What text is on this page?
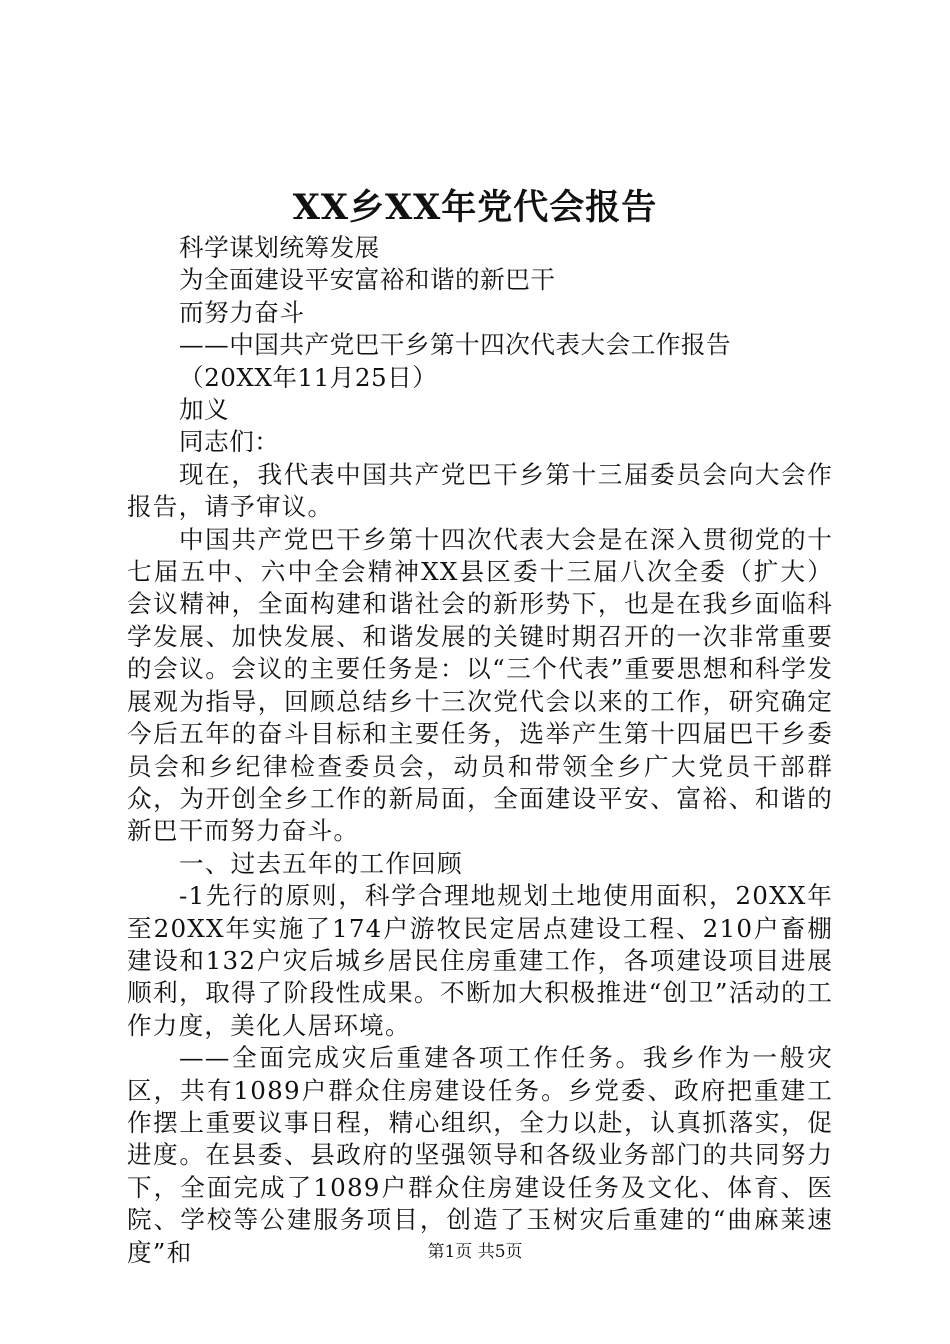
XX乡XX年党代会报告

科学谋划统筹发展

为全面建设平安富裕和谐的新巴干

而努力奋斗

——中国共产党巴干乡第十四次代表大会工作报告

（20XX年11月25日）

加义

同志们：

现在，我代表中国共产党巴干乡第十三届委员会向大会作报告，请予审议。

中国共产党巴干乡第十四次代表大会是在深入贯彻党的十七届五中、六中全会精神XX县区委十三届八次全委（扩大）会议精神，全面构建和谐社会的新形势下，也是在我乡面临科学发展、加快发展、和谐发展的关键时期召开的一次非常重要的会议。会议的主要任务是：以“三个代表”重要思想和科学发展观为指导，回顾总结乡十三次党代会以来的工作，研究确定今后五年的奋斗目标和主要任务，选举产生第十四届巴干乡委员会和乡纪律检查委员会，动员和带领全乡广大党员干部群众，为开创全乡工作的新局面，全面建设平安、富裕、和谐的新巴干而努力奋斗。

一、过去五年的工作回顾

-1先行的原则，科学合理地规划土地使用面积，20XX年至20XX年实施了174户游牧民定居点建设工程、210户畜棚建设和132户灾后城乡居民住房重建工作，各项建设项目进展顺利，取得了阶段性成果。不断加大积极推进“创卫”活动的工作力度，美化人居环境。

——全面完成灾后重建各项工作任务。我乡作为一般灾区，共有1089户群众住房建设任务。乡党委、政府把重建工作摆上重要议事日程，精心组织，全力以赴，认真抓落实，促进度。在县委、县政府的坚强领导和各级业务部门的共同努力下，全面完成了1089户群众住房建设任务及文化、体育、医院、学校等公建服务项目，创造了玉树灾后重建的“曲麻莱速度”和	第1页 共5页
